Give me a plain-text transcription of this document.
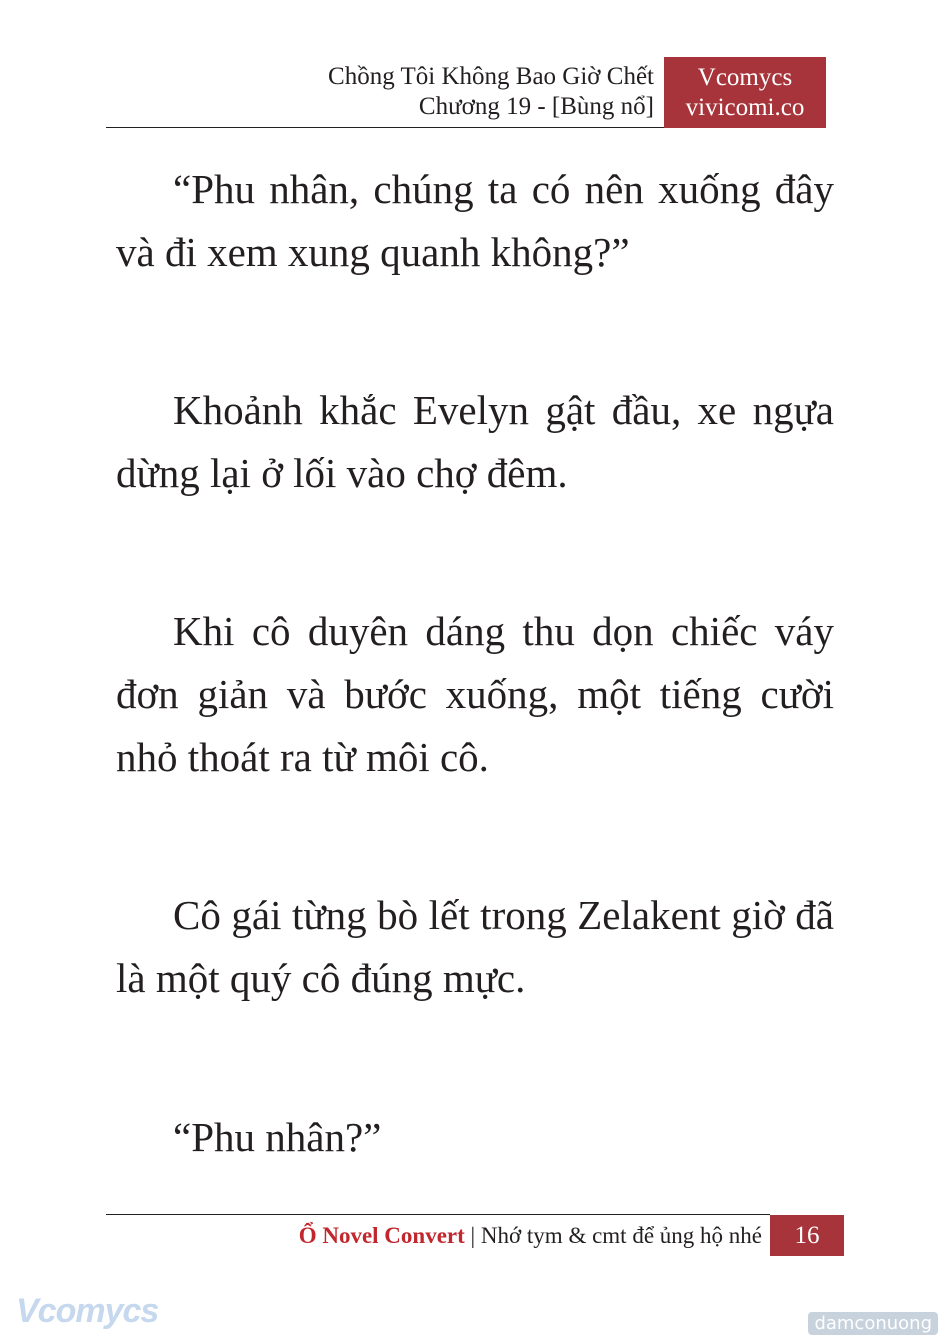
Chồng Tôi Không Bao Giờ Chết
Chương 19 - [Bùng nổ]
Vcomycs
vivicomi.co

“Phu nhân, chúng ta có nên xuống đây và đi xem xung quanh không?”

Khoảnh khắc Evelyn gật đầu, xe ngựa dừng lại ở lối vào chợ đêm.

Khi cô duyên dáng thu dọn chiếc váy đơn giản và bước xuống, một tiếng cười nhỏ thoát ra từ môi cô.

Cô gái từng bò lết trong Zelakent giờ đã là một quý cô đúng mực.

“Phu nhân?”

Ổ Novel Convert | Nhớ tym & cmt để ủng hộ nhé	16
Vcomycs	damconuong
